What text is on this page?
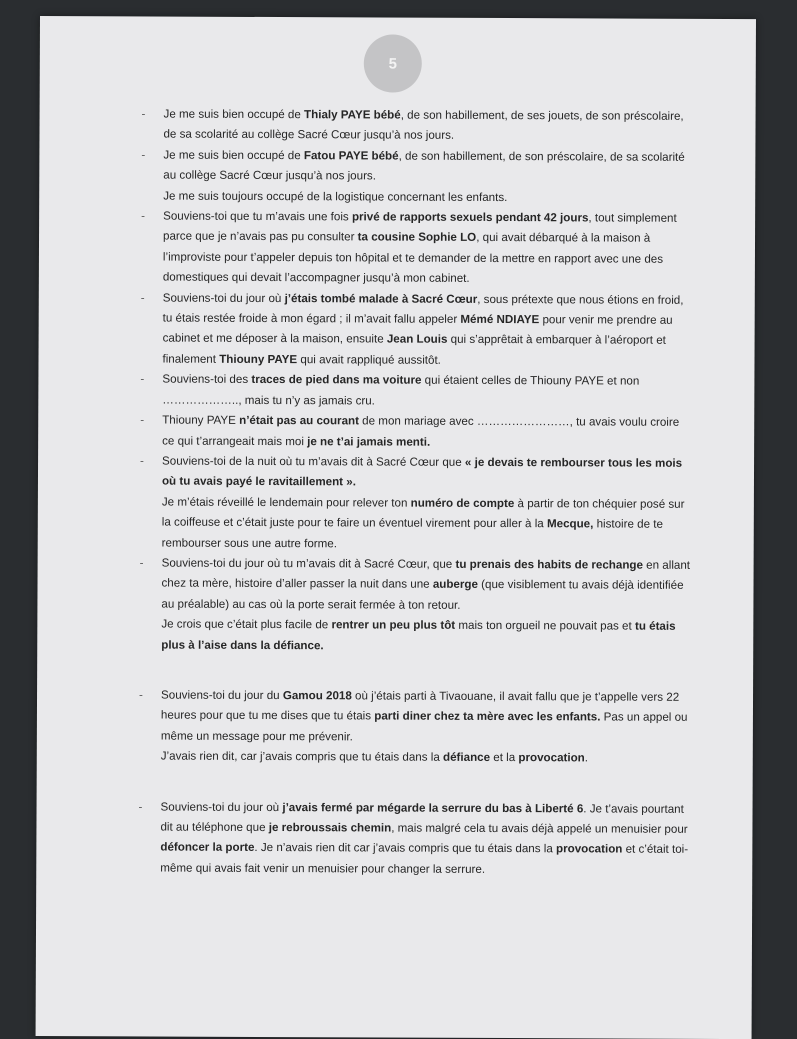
5
- Je me suis bien occupé de Thialy PAYE bébé, de son habillement, de ses jouets, de son préscolaire, de sa scolarité au collège Sacré Cœur jusqu’à nos jours.
- Je me suis bien occupé de Fatou PAYE bébé, de son habillement, de son préscolaire, de sa scolarité au collège Sacré Cœur jusqu’à nos jours.
Je me suis toujours occupé de la logistique concernant les enfants.
- Souviens-toi que tu m’avais une fois privé de rapports sexuels pendant 42 jours, tout simplement parce que je n’avais pas pu consulter ta cousine Sophie LO, qui avait débarqué à la maison à l’improviste pour t’appeler depuis ton hôpital et te demander de la mettre en rapport avec une des domestiques qui devait l’accompagner jusqu’à mon cabinet.
- Souviens-toi du jour où j’étais tombé malade à Sacré Cœur, sous prétexte que nous étions en froid, tu étais restée froide à mon égard ; il m’avait fallu appeler Mémé NDIAYE pour venir me prendre au cabinet et me déposer à la maison, ensuite Jean Louis qui s’apprêtait à embarquer à l’aéroport et finalement Thiouny PAYE qui avait rappliqué aussitôt.
- Souviens-toi des traces de pied dans ma voiture qui étaient celles de Thiouny PAYE et non ……………….., mais tu n’y as jamais cru.
- Thiouny PAYE n’était pas au courant de mon mariage avec ……………………, tu avais voulu croire ce qui t’arrangeait mais moi je ne t’ai jamais menti.
- Souviens-toi de la nuit où tu m’avais dit à Sacré Cœur que « je devais te rembourser tous les mois où tu avais payé le ravitaillement ».
Je m’étais réveillé le lendemain pour relever ton numéro de compte à partir de ton chéquier posé sur la coiffeuse et c’était juste pour te faire un éventuel virement pour aller à la Mecque, histoire de te rembourser sous une autre forme.
- Souviens-toi du jour où tu m’avais dit à Sacré Cœur, que tu prenais des habits de rechange en allant chez ta mère, histoire d’aller passer la nuit dans une auberge (que visiblement tu avais déjà identifiée au préalable) au cas où la porte serait fermée à ton retour.
Je crois que c’était plus facile de rentrer un peu plus tôt mais ton orgueil ne pouvait pas et tu étais plus à l’aise dans la défiance.
- Souviens-toi du jour du Gamou 2018 où j’étais parti à Tivaouane, il avait fallu que je t’appelle vers 22 heures pour que tu me dises que tu étais parti diner chez ta mère avec les enfants. Pas un appel ou même un message pour me prévenir.
J’avais rien dit, car j’avais compris que tu étais dans la défiance et la provocation.
- Souviens-toi du jour où j’avais fermé par mégarde la serrure du bas à Liberté 6. Je t’avais pourtant dit au téléphone que je rebroussais chemin, mais malgré cela tu avais déjà appelé un menuisier pour défoncer la porte. Je n’avais rien dit car j’avais compris que tu étais dans la provocation et c’était toi-même qui avais fait venir un menuisier pour changer la serrure.
